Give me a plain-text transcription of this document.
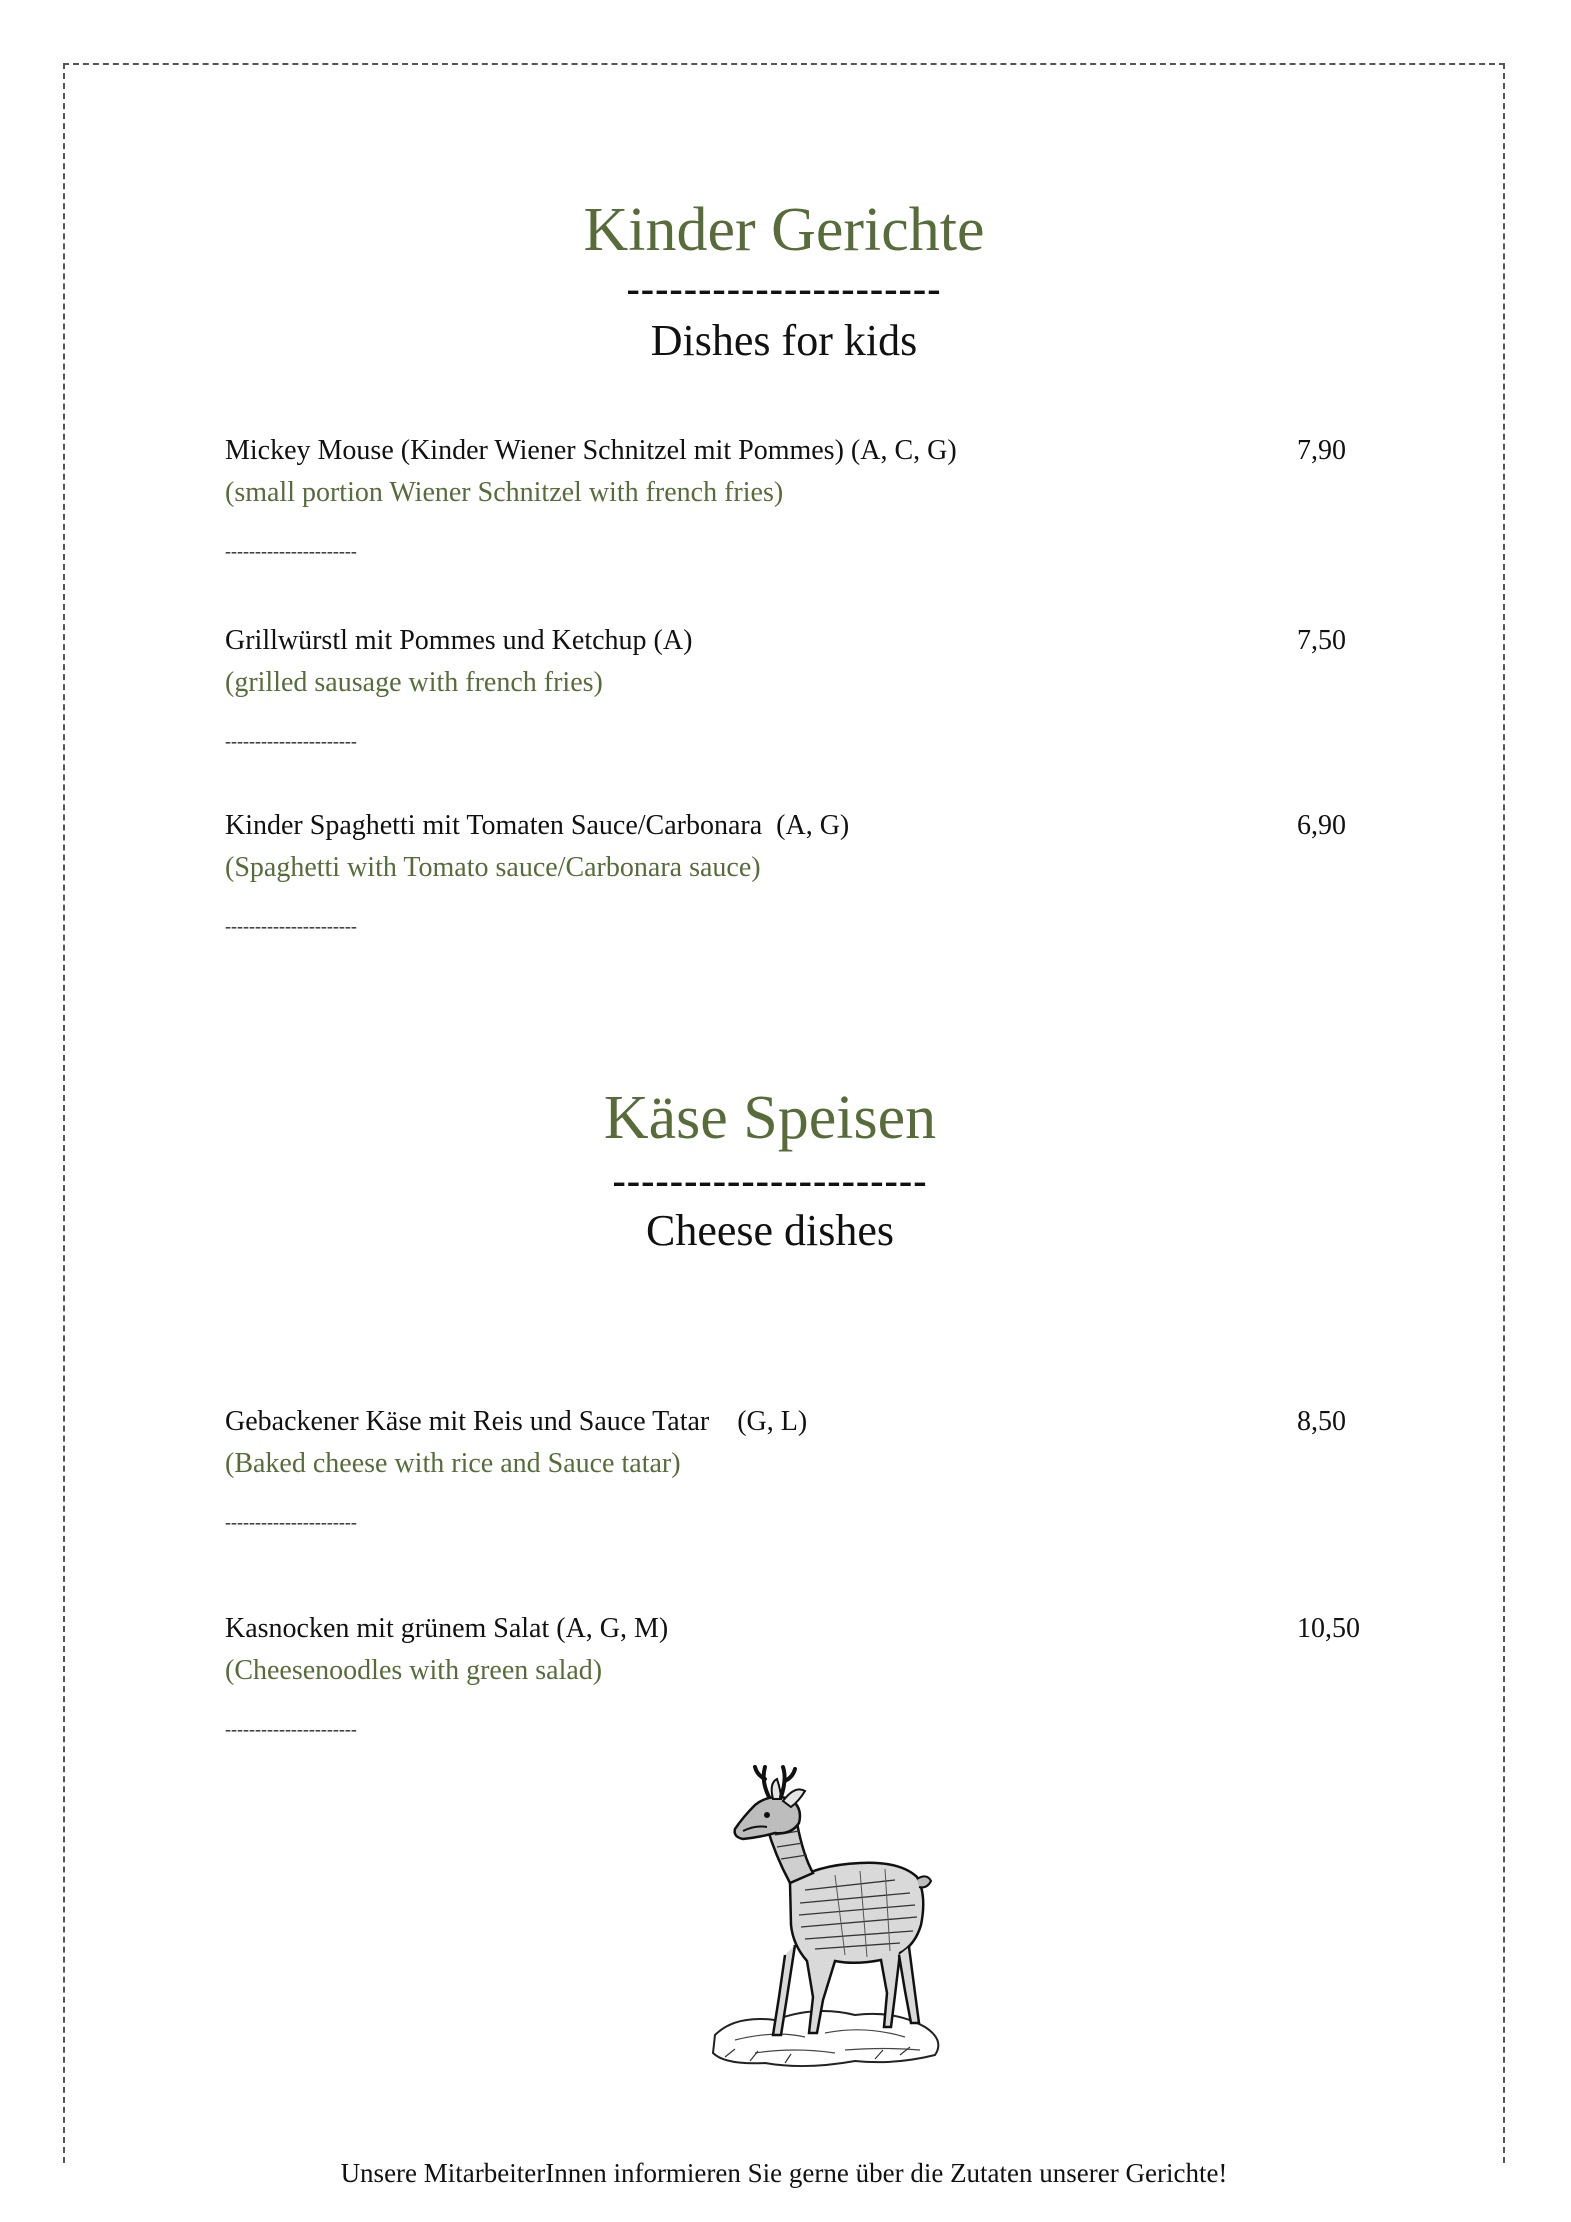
Kinder Gerichte
----------------------
Dishes for kids
Mickey Mouse (Kinder Wiener Schnitzel mit Pommes) (A, C, G)	7,90
(small portion Wiener Schnitzel with french fries)
----------------------
Grillwürstl mit Pommes und Ketchup (A)	7,50
(grilled sausage with french fries)
----------------------
Kinder Spaghetti mit Tomaten Sauce/Carbonara  (A, G)	6,90
(Spaghetti with Tomato sauce/Carbonara sauce)
----------------------
Käse Speisen
----------------------
Cheese dishes
Gebackener Käse mit Reis und Sauce Tatar    (G, L)	8,50
(Baked cheese with rice and Sauce tatar)
----------------------
Kasnocken mit grünem Salat (A, G, M)	10,50
(Cheesenoodles with green salad)
----------------------
Unsere MitarbeiterInnen informieren Sie gerne über die Zutaten unserer Gerichte!
